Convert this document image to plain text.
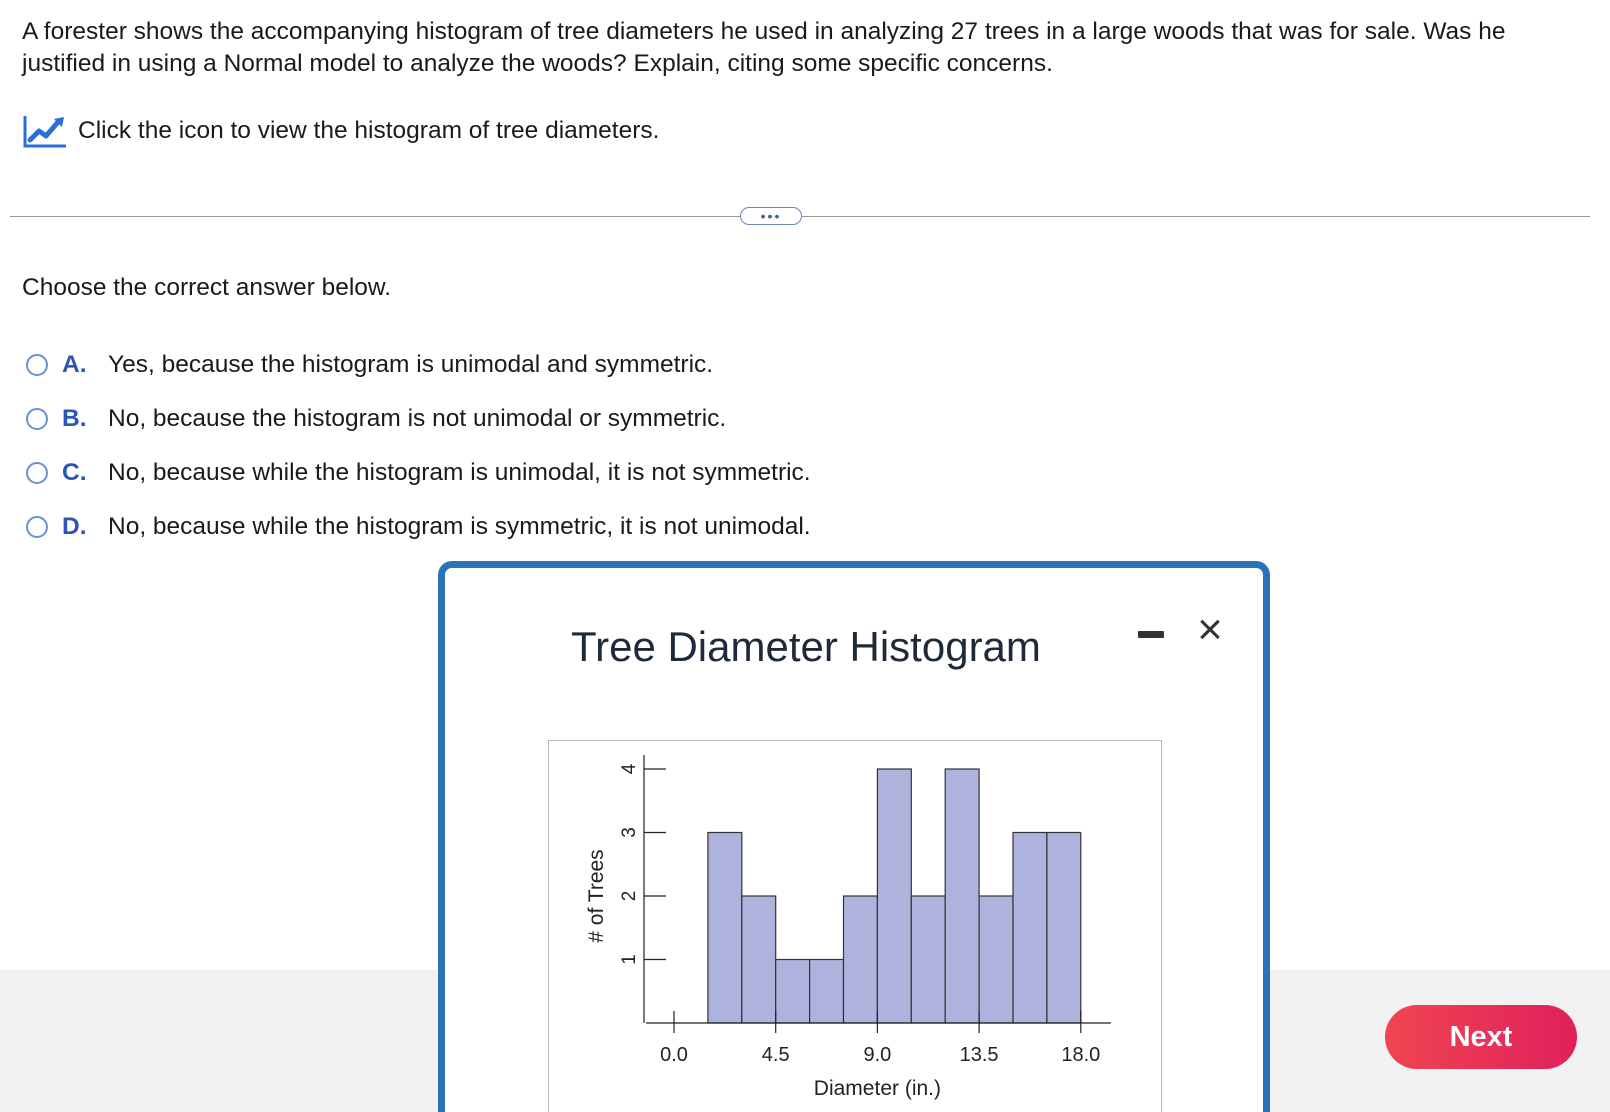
A forester shows the accompanying histogram of tree diameters he used in analyzing 27 trees in a large woods that was for sale. Was he justified in using a Normal model to analyze the woods? Explain, citing some specific concerns.

Click the icon to view the histogram of tree diameters.
•••

Choose the correct answer below.

A. Yes, because the histogram is unimodal and symmetric.
B. No, because the histogram is not unimodal or symmetric.
C. No, because while the histogram is unimodal, it is not symmetric.
D. No, because while the histogram is symmetric, it is not unimodal.
Next
Tree Diameter Histogram	×
1
2
3
4
0.0	4.5	9.0	13.5	18.0
Diameter (in.)
# of Trees
